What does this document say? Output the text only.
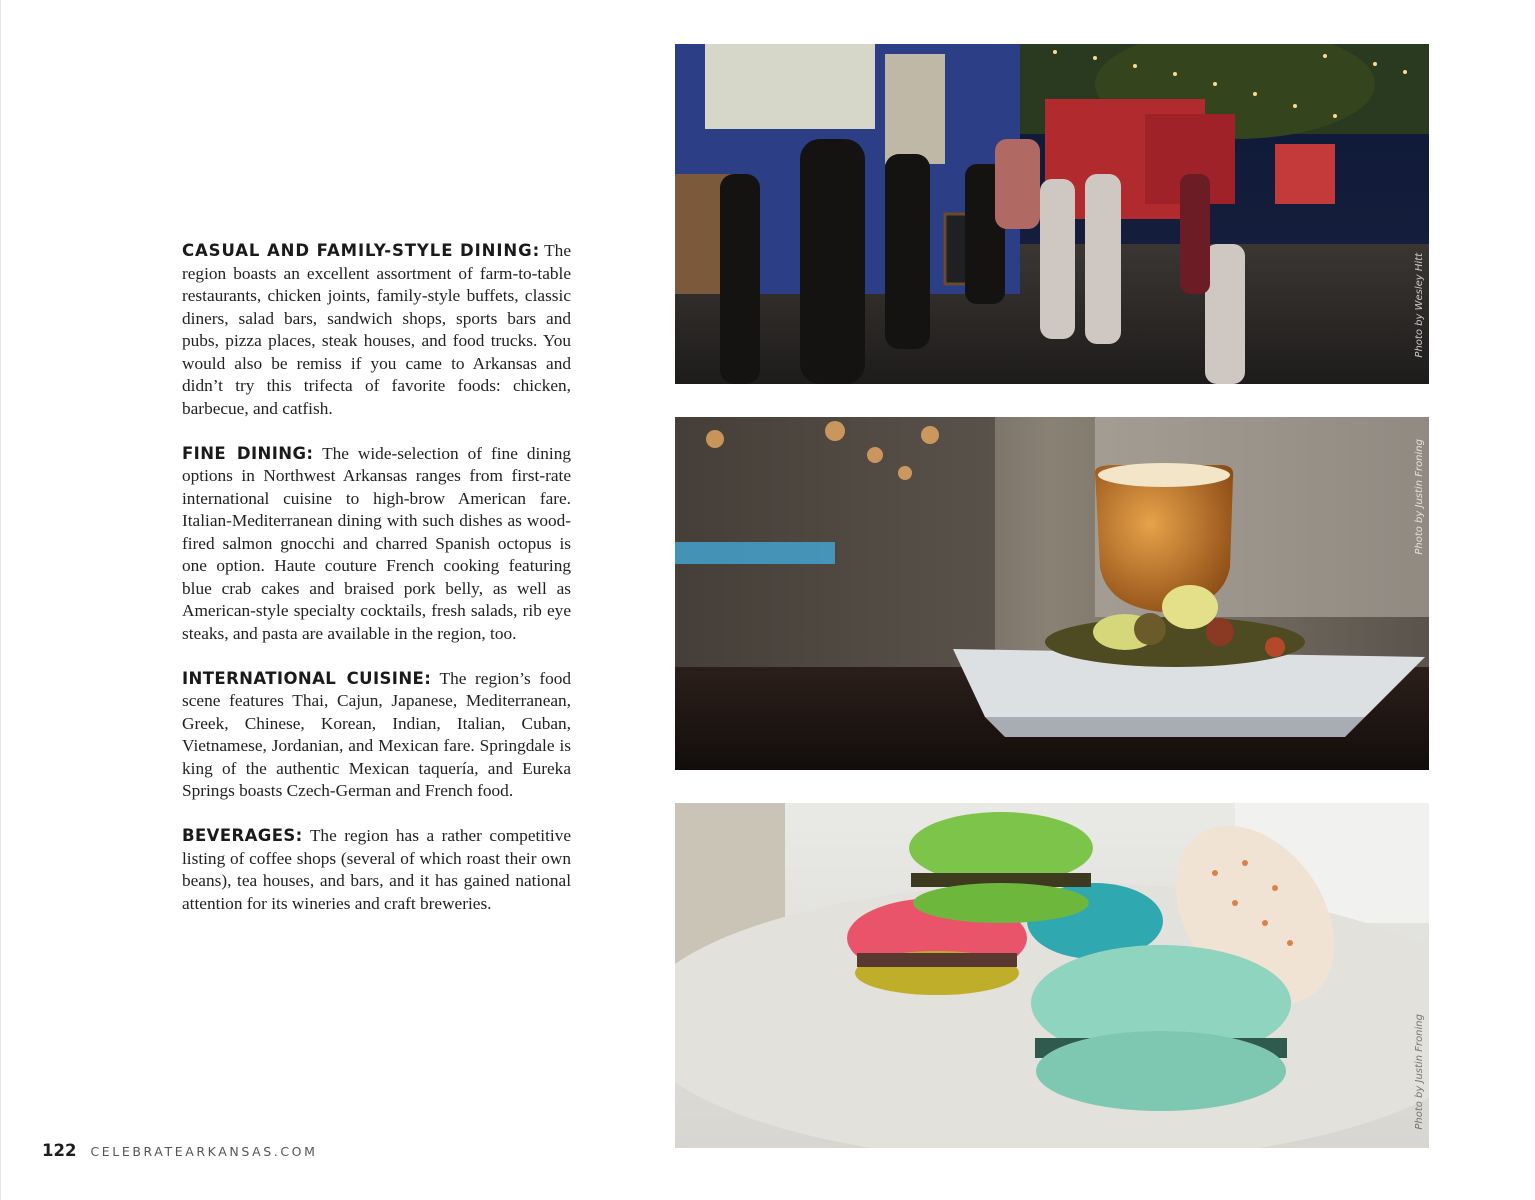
CASUAL AND FAMILY-STYLE DINING: The region boasts an excellent assortment of farm-to-table restaurants, chicken joints, family-style buffets, classic diners, salad bars, sandwich shops, sports bars and pubs, pizza places, steak houses, and food trucks. You would also be remiss if you came to Arkansas and didn’t try this trifecta of favorite foods: chicken, barbecue, and catfish.

FINE DINING: The wide-selection of fine dining options in Northwest Arkansas ranges from first-rate international cuisine to high-brow American fare. Italian-Mediterranean dining with such dishes as wood-fired salmon gnocchi and charred Spanish octopus is one option. Haute couture French cooking featuring blue crab cakes and braised pork belly, as well as American-style specialty cocktails, fresh salads, rib eye steaks, and pasta are available in the region, too.

INTERNATIONAL CUISINE: The region’s food scene features Thai, Cajun, Japanese, Mediterranean, Greek, Chinese, Korean, Indian, Italian, Cuban, Vietnamese, Jordanian, and Mexican fare. Springdale is king of the authentic Mexican taquería, and Eureka Springs boasts Czech-German and French food.

BEVERAGES: The region has a rather competitive listing of coffee shops (several of which roast their own beans), tea houses, and bars, and it has gained national attention for its wineries and craft breweries.

Photo by Wesley Hitt
Photo by Justin Froning
Photo by Justin Froning
122 CELEBRATEARKANSAS.COM
